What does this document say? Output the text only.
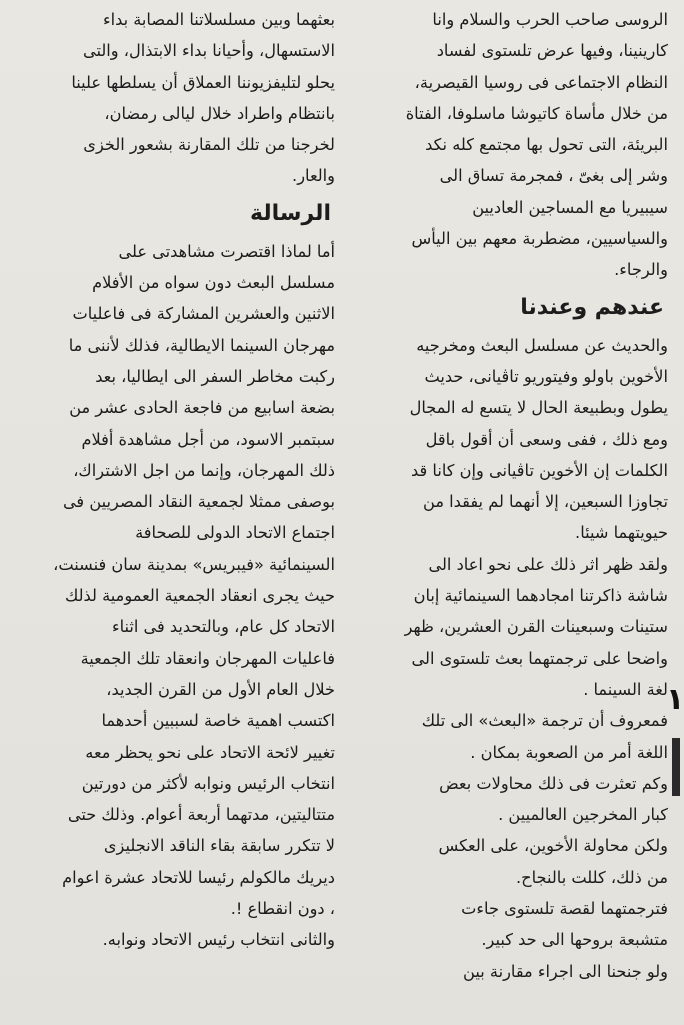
الروسى صاحب الحرب والسلام وانا
كارينينا، وفيها عرض تلستوى لفساد
النظام الاجتماعى فى روسيا القيصرية،
من خلال مأساة كاتيوشا ماسلوفا، الفتاة
البريئة، التى تحول بها مجتمع كله نكد
وشر إلى بغىّ ، فمجرمة تساق الى
سيبيريا مع المساجين العاديين
والسياسيين، مضطربة معهم بين اليأس
والرجاء.
عندهم وعندنا
والحديث عن مسلسل البعث ومخرجيه
الأخوين باولو وفيتوريو تاڤيانى، حديث
يطول وبطبيعة الحال لا يتسع له المجال
ومع ذلك ، ففى وسعى أن أقول باقل
الكلمات إن الأخوين تاڤيانى وإن كانا قد
تجاوزا السبعين، إلا أنهما لم يفقدا من
حيويتهما شيئا.
ولقد ظهر اثر ذلك على نحو اعاد الى
شاشة ذاكرتنا امجادهما السينمائية إبان
ستينات وسبعينات القرن العشرين، ظهر
واضحا على ترجمتهما بعث تلستوى الى
لغة السينما .
فمعروف أن ترجمة «البعث» الى تلك
اللغة أمر من الصعوبة بمكان .
وكم تعثرت فى ذلك محاولات بعض
كبار المخرجين العالميين .
ولكن محاولة الأخوين، على العكس
من ذلك، كللت بالنجاح.
فترجمتهما لقصة تلستوى جاءت
متشبعة بروحها الى حد كبير.
ولو جنحنا الى اجراء مقارنة بين
بعثهما وبين مسلسلاتنا المصابة بداء
الاستسهال، وأحيانا بداء الابتذال، والتى
يحلو لتليفزيوننا العملاق أن يسلطها علينا
بانتظام واطراد خلال ليالى رمضان،
لخرجنا من تلك المقارنة بشعور الخزى
والعار.
الرسالة
أما لماذا اقتصرت مشاهدتى على
مسلسل البعث دون سواه من الأفلام
الاثنين والعشرين المشاركة فى فاعليات
مهرجان السينما الايطالية، فذلك لأننى ما
ركبت مخاطر السفر الى ايطاليا، بعد
بضعة اسابيع من فاجعة الحادى عشر من
سبتمبر الاسود، من أجل مشاهدة أفلام
ذلك المهرجان، وإنما من اجل الاشتراك،
بوصفى ممثلا لجمعية النقاد المصريين فى
اجتماع الاتحاد الدولى للصحافة
السينمائية «فيبريس» بمدينة سان فنسنت،
حيث يجرى انعقاد الجمعية العمومية لذلك
الاتحاد كل عام، وبالتحديد فى اثناء
فاعليات المهرجان وانعقاد تلك الجمعية
خلال العام الأول من القرن الجديد،
اكتسب اهمية خاصة لسببين أحدهما
تغيير لائحة الاتحاد على نحو يحظر معه
انتخاب الرئيس ونوابه لأكثر من دورتين
متتاليتين، مدتهما أربعة أعوام. وذلك حتى
لا تتكرر سابقة بقاء الناقد الانجليزى
ديريك مالكولم رئيسا للاتحاد عشرة اعوام
، دون انقطاع !.
والثانى انتخاب رئيس الاتحاد ونوابه.
١
